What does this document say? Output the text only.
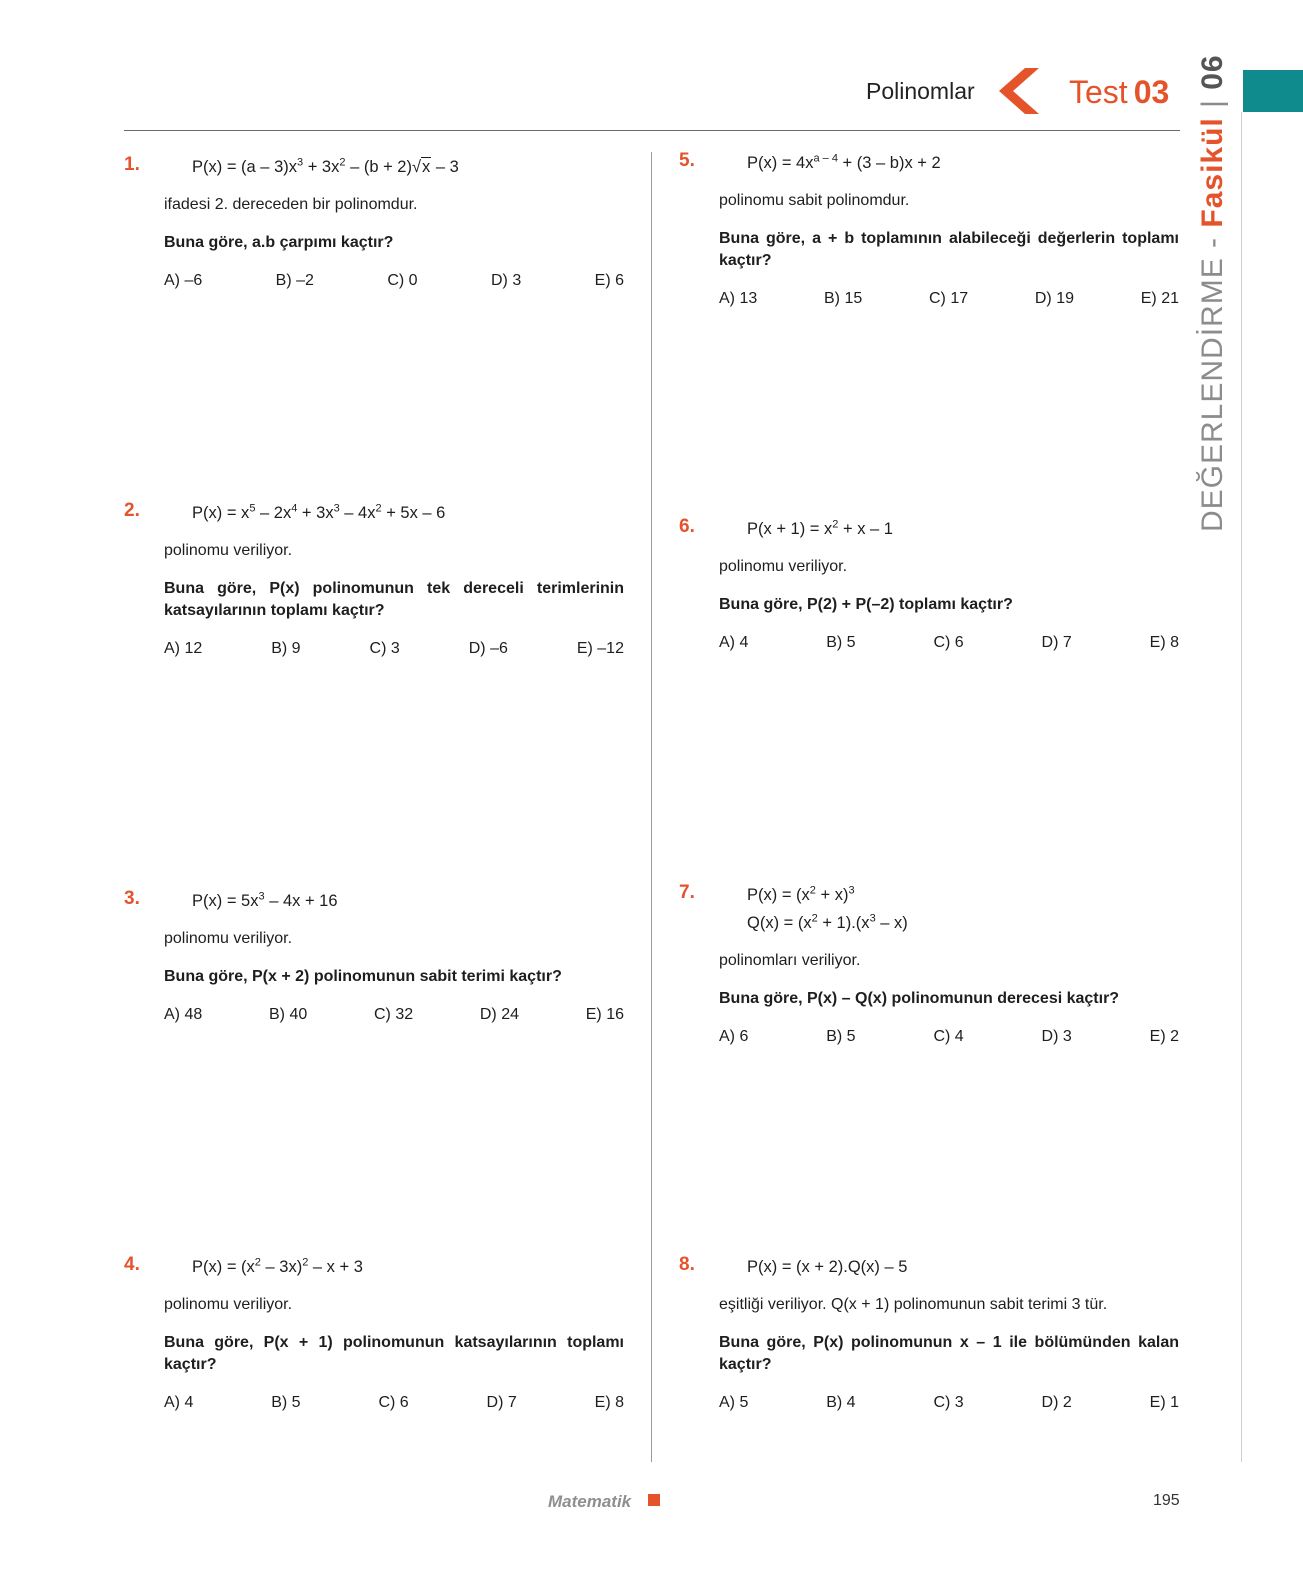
Polinomlar	Test 03
DEĞERLENDİRME - Fasikül | 06
1.	$P(x) = (a - 3)x^3 + 3x^2 - (b + 2)√x - 3$
ifadesi 2. dereceden bir polinomdur.
Buna göre, a.b çarpımı kaçtır?
A) –6	B) –2	C) 0	D) 3	E) 6
2.	$P(x) = x^5 - 2x^4 + 3x^3 - 4x^2 + 5x - 6$
polinomu veriliyor.
Buna göre, P(x) polinomunun tek dereceli terimlerinin katsayılarının toplamı kaçtır?
A) 12	B) 9	C) 3	D) –6	E) –12
3.	$P(x) = 5x^3 - 4x + 16$
polinomu veriliyor.
Buna göre, P(x + 2) polinomunun sabit terimi kaçtır?
A) 48	B) 40	C) 32	D) 24	E) 16
4.	$P(x) = (x^2 - 3x)^2 - x + 3$
polinomu veriliyor.
Buna göre, P(x + 1) polinomunun katsayılarının toplamı kaçtır?
A) 4	B) 5	C) 6	D) 7	E) 8
5.	$P(x) = 4x^{a - 4} + (3 - b)x + 2$
polinomu sabit polinomdur.
Buna göre, a + b toplamının alabileceği değerlerin toplamı kaçtır?
A) 13	B) 15	C) 17	D) 19	E) 21
6.	$P(x + 1) = x^2 + x - 1$
polinomu veriliyor.
Buna göre, P(2) + P(–2) toplamı kaçtır?
A) 4	B) 5	C) 6	D) 7	E) 8
7.	$P(x) = (x^2 + x)^3$
$Q(x) = (x^2 + 1).(x^3 - x)$
polinomları veriliyor.
Buna göre, P(x) – Q(x) polinomunun derecesi kaçtır?
A) 6	B) 5	C) 4	D) 3	E) 2
8.	P(x) = (x + 2).Q(x) – 5
eşitliği veriliyor. Q(x + 1) polinomunun sabit terimi 3 tür.
Buna göre, P(x) polinomunun x – 1 ile bölümünden kalan kaçtır?
A) 5	B) 4	C) 3	D) 2	E) 1
Matematik	195
